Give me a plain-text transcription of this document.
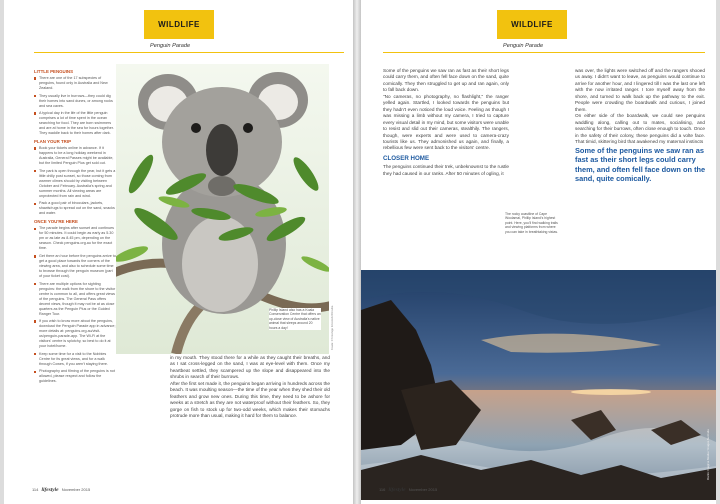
WILDLIFE
Penguin Parade
LITTLE PENGUINS
There are one of the 17 subspecies of penguins, found only in Australia and New Zealand.
They usually live in burrows—they could dig their homes into sand dunes, or among rocks and sea caves.
A typical day in the life of the little penguin comprises a lot of time spent in the ocean searching for food. They are born swimmers and are at home in the sea for hours together. They waddle back to their homes after dark.
PLAN YOUR TRIP
Book your tickets online in advance. If it happens to be a long holiday weekend in Australia, General Passes might be available, but the limited Penguin Plus get sold out.
The park is open through the year, but it gets a little chilly post sunset, so those coming from warmer climes should try visiting between October and February. Australia's spring and summer months. All viewing areas are unprotected from rain and wind.
Pack a good pair of binoculars, jackets, shawls/rugs to spread out on the sand, snacks and water.
ONCE YOU'RE HERE
The parade begins after sunset and continues for 50 minutes. It could begin as early as 5.30 pm or as late as 8.45 pm, depending on the season. Check penguins.org.au for the exact time.
Get there an hour before the penguins arrive to get a good place towards the corners of the viewing area, and also to schedule some time to browse through the penguin museum (part of your ticket cost).
There are multiple options for sighting penguins: the walk from the shore to the visitor centre is common to all, and offers great views of the penguins. The General Pass offers decent views, though it may not be at as close quarters as the Penguin Plus or the Guided Ranger Tour.
If you wish to know more about the penguins, download the Penguin Parade app in advance; more details at: penguins.org.au/visit-us/penguin-parade-app. The Wi-Fi at the visitors' centre is splotchy, so best to do it at your hotel/home.
Keep some time for a visit to the Nobbies Centre for its great views, and for a walk through Cowes, if you aren't staying there.
Photography and filming of the penguins is not allowed, please respect and follow the guidelines.
Koala: Chrisc/age fotostock/Dinodia
Phillip Island also has a Koala Conservation Centre that offers an up-close view of Australia's native animal that sleeps around 20 hours a day!

in my mouth. They stood there for a while as they caught their breaths, and as I sat cross-legged on the sand, I was at eye-level with them. Once my heartbeat settled, they scampered up the slope and disappeared into the shrubs in search of their burrows.

After the first set made it, the penguins began arriving in hundreds across the beach. It was moulting season—the time of the year when they shed their old feathers and grow new ones. During this time, they need to be ashore for weeks at a stretch as they are not waterproof without their feathers. So, they gorge on fish to stock up for two-odd weeks, which makes their stomachs protrude more than usual, making it hard for them to balance.

114 lifestyle November 2015
WILDLIFE
Penguin Parade

Some of the penguins we saw ran as fast as their short legs could carry them, and often fell face down on the sand, quite comically. They then struggled to get up and ran again, only to fall back down.

"No cameras, no photography, no flashlight," the ranger yelled again. Startled, I looked towards the penguins but they hadn't even noticed the loud voice. Feeling as though I was missing a limb without my camera, I tried to capture every visual detail in my mind, but some visitors were unable to resist and slid out their cameras, stealthily. The rangers, though, were experts and were used to camera-crazy tourists like us. They admonished us again, and finally, a rebellious few were sent back to the visitors' centre.

CLOSER HOME

The penguins continued their trek, unbeknownst to the rustle they had caused in our ranks. After 50 minutes of ogling, it

was over, the lights were switched off and the rangers shooed us away. I didn't want to leave, as penguins would continue to arrive for another hour, and I lingered till I was the last one left with the now irritated ranger. I tore myself away from the shore, and turned to walk back up the pathway to the exit. People were crowding the boardwalk and curious, I joined them.

On either side of the boardwalk, we could see penguins waddling along, calling out to mates, socialising, and searching for their burrows, often close enough to touch. Once in the safety of their colony, these penguins did a volte face. That timid, skittering bird that awakened my maternal instincts

Some of the penguins we saw ran as fast as their short legs could carry them, and often fell face down on the sand, quite comically.
The rocky coastline of Cape Woolamai, Phillip Island's highest point. Here, you'll find walking trails and viewing platforms from where you can take in breathtaking vistas.
Rocks: Imagine Media / Images Australia
116 lifestyle November 2015
